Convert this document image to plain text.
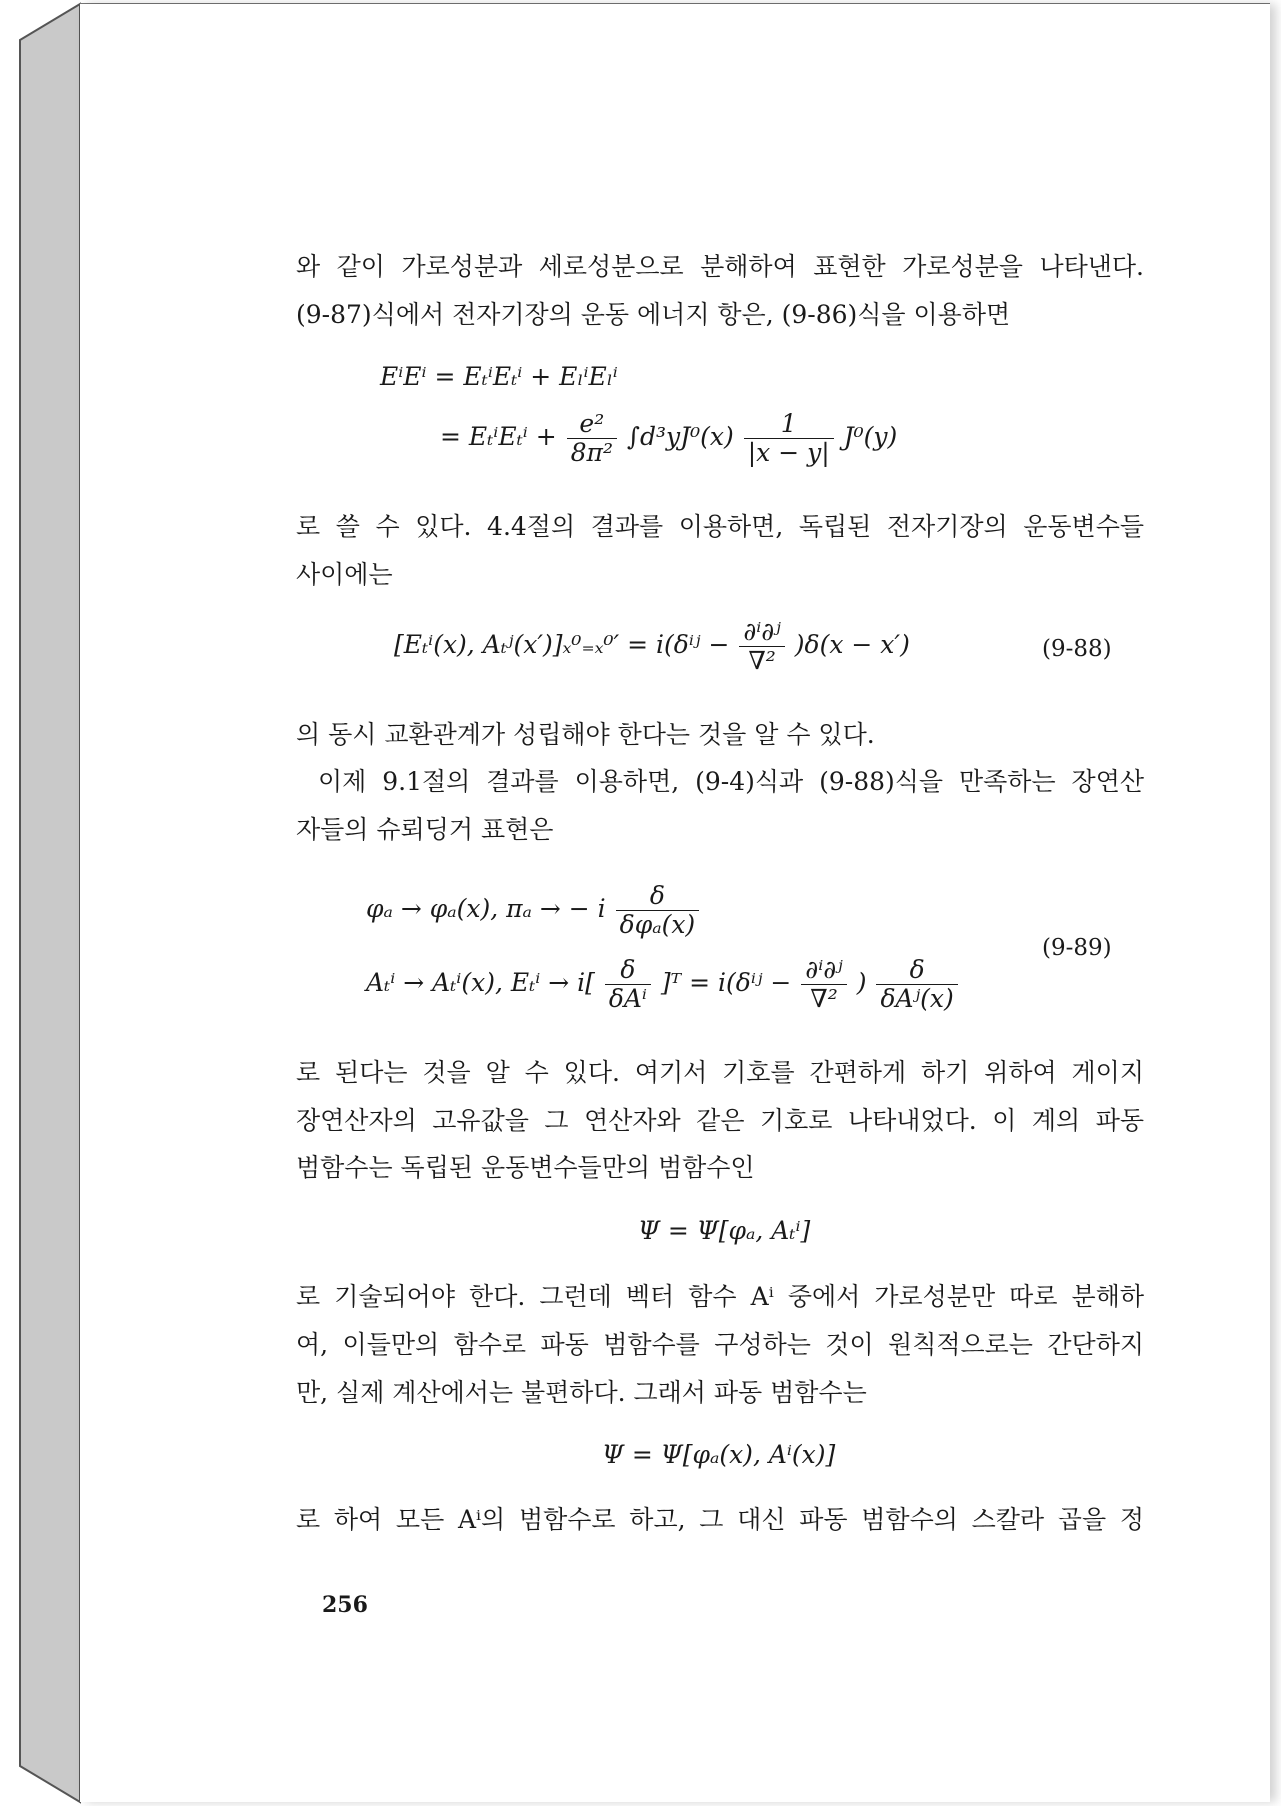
와 같이 가로성분과 세로성분으로 분해하여 표현한 가로성분을 나타낸다.
(9-87)식에서 전자기장의 운동 에너지 항은, (9-86)식을 이용하면
EⁱEⁱ = EₜⁱEₜⁱ + EₗⁱEₗⁱ
= $E_t^iE_t^i + \frac{\text{e²}}{\text{8π²}} \int d^3yJ^0(x) \frac{1}{|x - y|} J^0(y)$
로 쓸 수 있다. 4.4절의 결과를 이용하면, 독립된 전자기장의 운동변수들
사이에는
[Eₜⁱ(x), Aₜʲ(x′)]ₓ⁰₌ₓ⁰′ = i(δⁱʲ − $\frac{\text{∂ⁱ∂ʲ}}{\text{∇²}} )\delta(x - x')$	(9-88)
의 동시 교환관계가 성립해야 한다는 것을 알 수 있다.
이제 9.1절의 결과를 이용하면, (9-4)식과 (9-88)식을 만족하는 장연산
자들의 슈뢰딩거 표현은
φₐ → φₐ(x), πₐ → − i $\frac{\delta}{\text{δφₐ(x)}}$
(9-89)
Aₜⁱ → Aₜⁱ(x), $E_t^i \to i[ \frac{\delta}{\text{δAⁱ}}$ ]ᵀ = i(δⁱʲ − $\frac{\text{∂ⁱ∂ʲ}}{\text{∇²}}$ ) $\frac{\delta}{\text{δAʲ(x)}}$
로 된다는 것을 알 수 있다. 여기서 기호를 간편하게 하기 위하여 게이지
장연산자의 고유값을 그 연산자와 같은 기호로 나타내었다. 이 계의 파동
범함수는 독립된 운동변수들만의 범함수인
Ψ = Ψ[φₐ, Aₜⁱ]
로 기술되어야 한다. 그런데 벡터 함수 Aⁱ 중에서 가로성분만 따로 분해하
여, 이들만의 함수로 파동 범함수를 구성하는 것이 원칙적으로는 간단하지
만, 실제 계산에서는 불편하다. 그래서 파동 범함수는
Ψ = Ψ[φₐ(x), Aⁱ(x)]
로 하여 모든 Aⁱ의 범함수로 하고, 그 대신 파동 범함수의 스칼라 곱을 정
256
